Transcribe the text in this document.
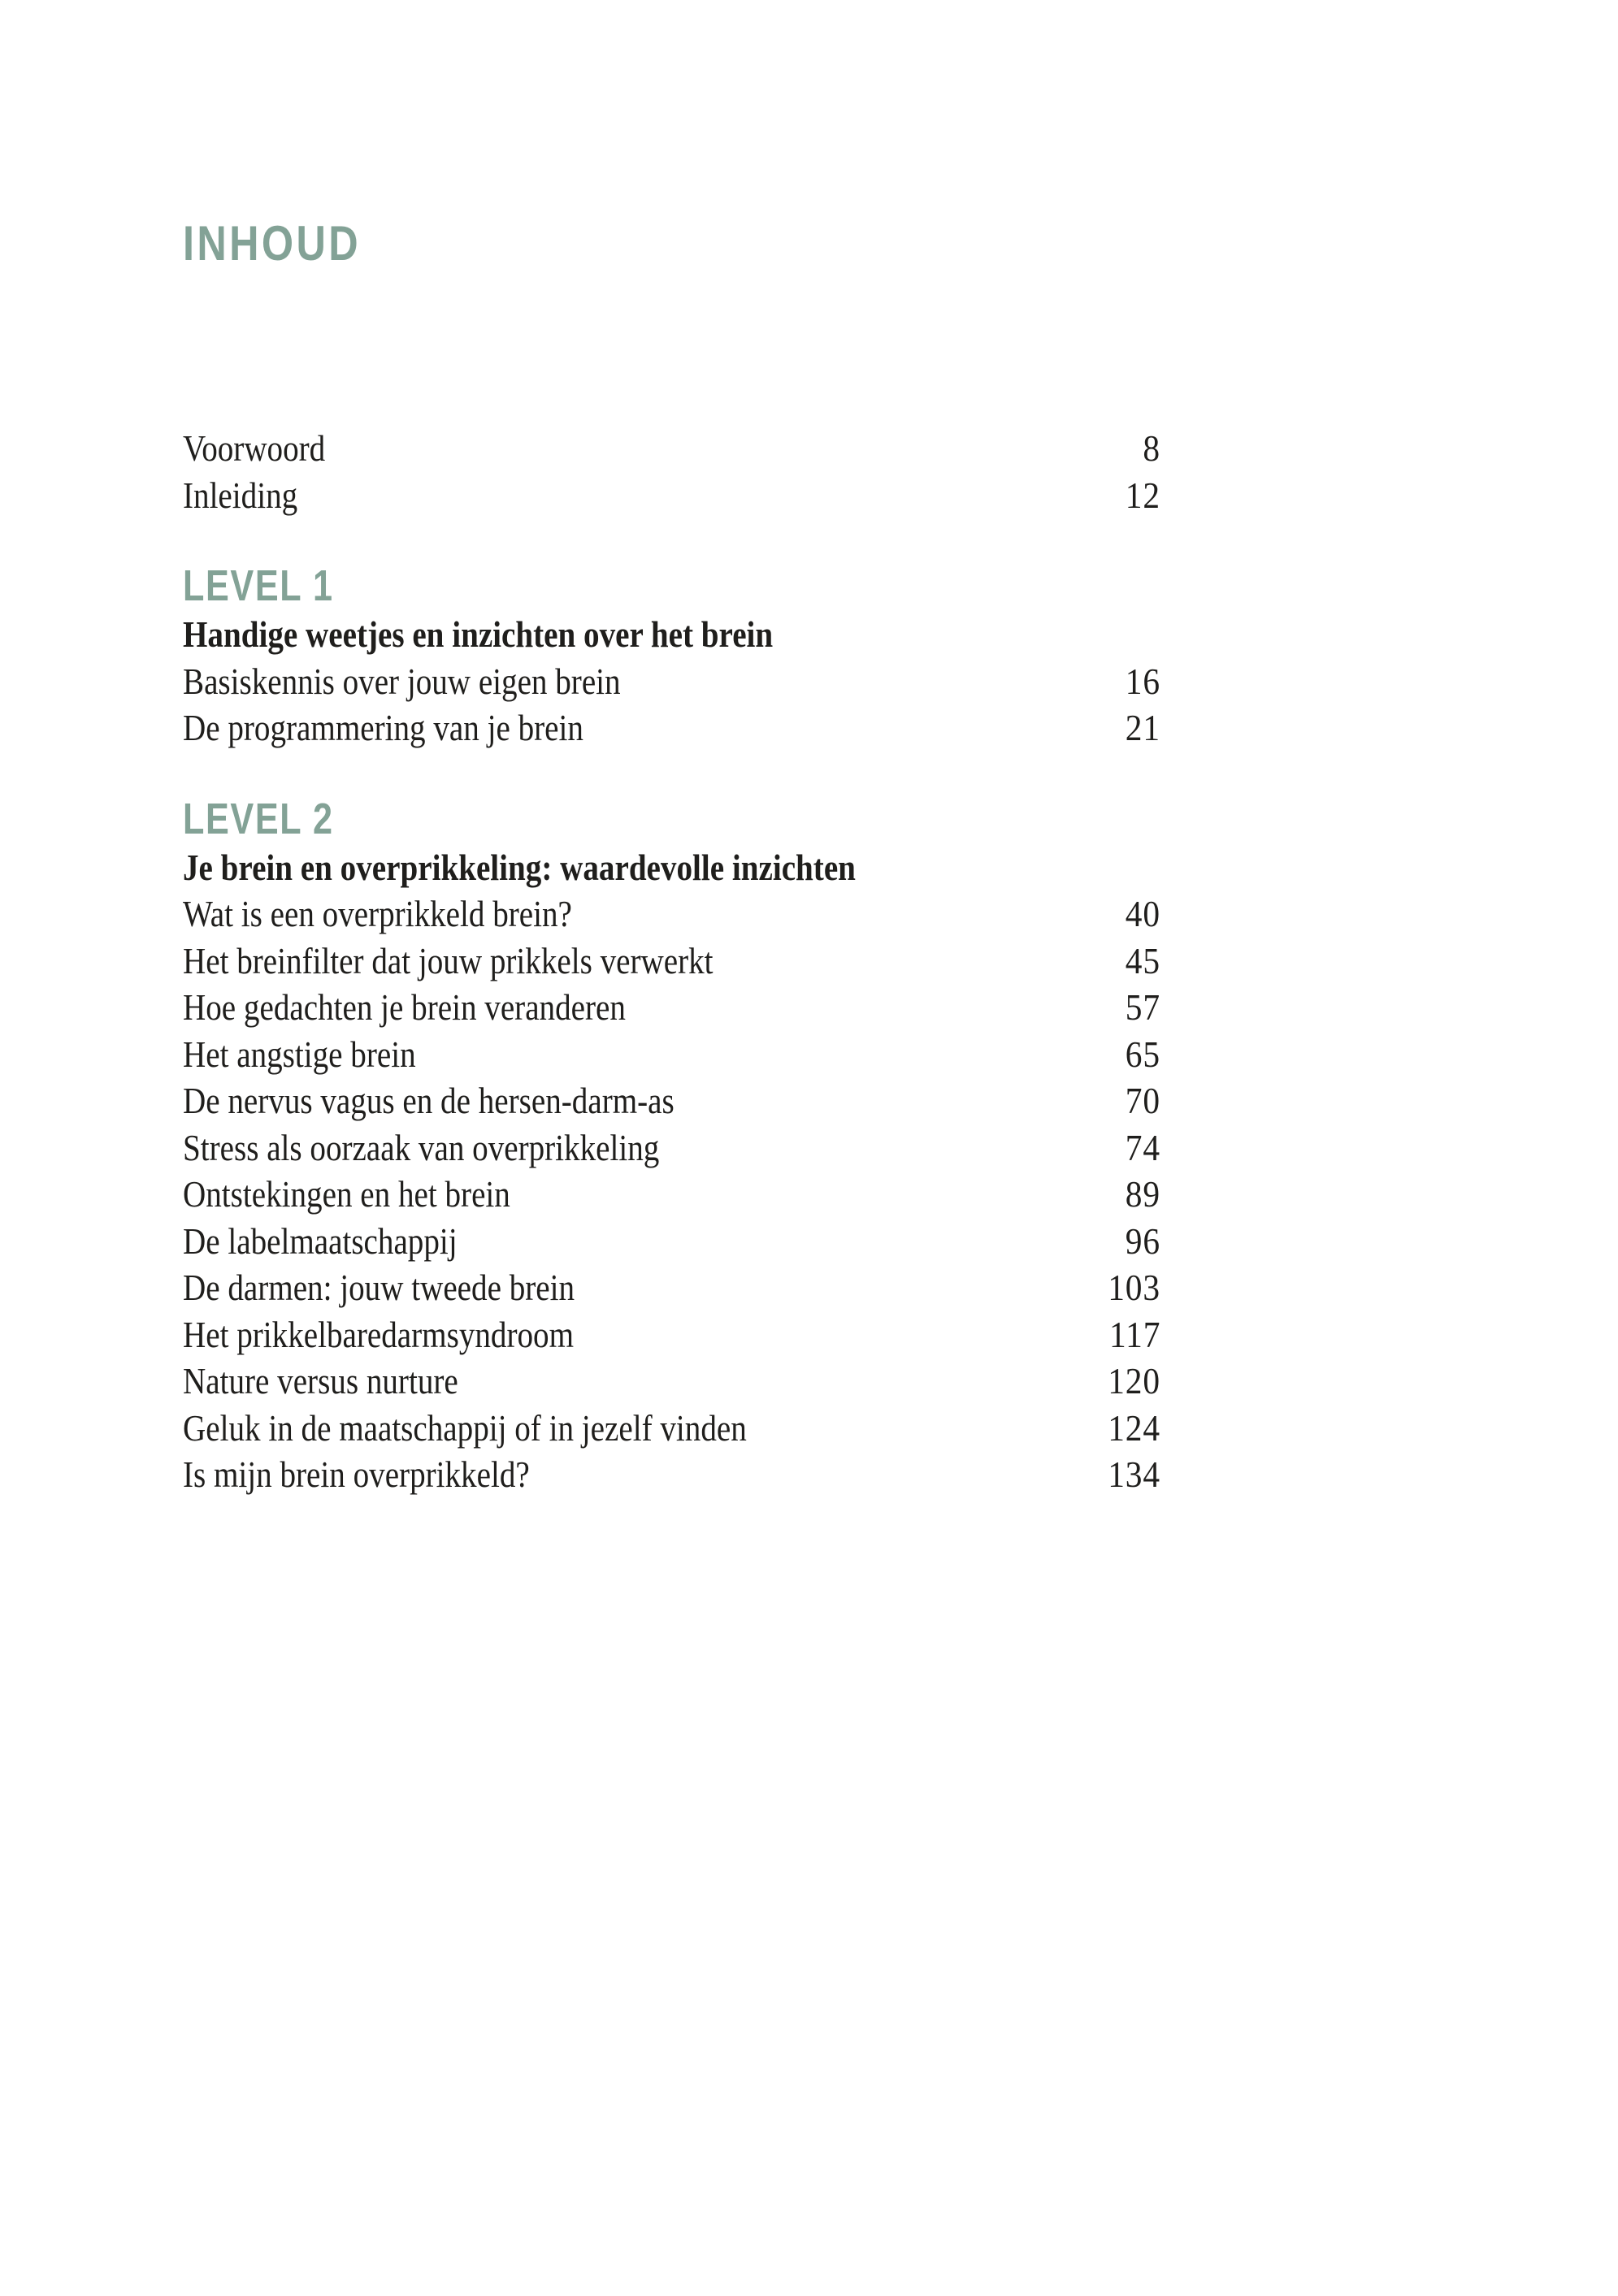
INHOUD
Voorwoord	8
Inleiding	12
LEVEL 1
Handige weetjes en inzichten over het brein
Basiskennis over jouw eigen brein	16
De programmering van je brein	21
LEVEL 2
Je brein en overprikkeling: waardevolle inzichten
Wat is een overprikkeld brein?	40
Het breinfilter dat jouw prikkels verwerkt	45
Hoe gedachten je brein veranderen	57
Het angstige brein	65
De nervus vagus en de hersen-darm-as	70
Stress als oorzaak van overprikkeling	74
Ontstekingen en het brein	89
De labelmaatschappij	96
De darmen: jouw tweede brein	103
Het prikkelbaredarmsyndroom	117
Nature versus nurture	120
Geluk in de maatschappij of in jezelf vinden	124
Is mijn brein overprikkeld?	134
